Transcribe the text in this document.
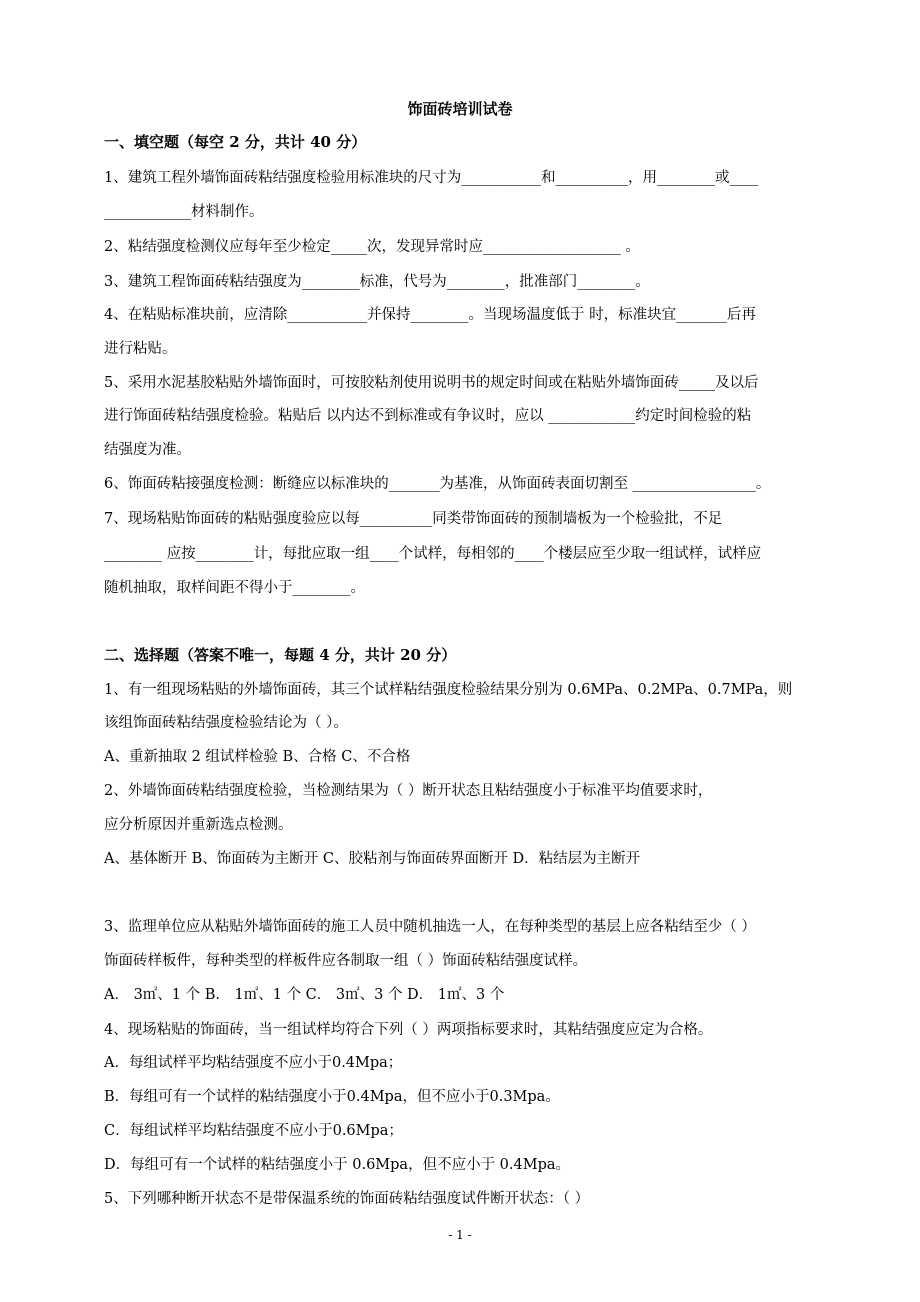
饰面砖培训试卷
一、填空题（每空 2 分，共计 40 分）
1、建筑工程外墙饰面砖粘结强度检验用标准块的尺寸为___________和__________，用________或____
____________材料制作。
2、粘结强度检测仪应每年至少检定_____次，发现异常时应___________________ 。
3、建筑工程饰面砖粘结强度为________标准，代号为________，批准部门________。
4、在粘贴标准块前，应清除___________并保持________。当现场温度低于 时，标准块宜_______后再
进行粘贴。
5、采用水泥基胶粘贴外墙饰面时，可按胶粘剂使用说明书的规定时间或在粘贴外墙饰面砖_____及以后
进行饰面砖粘结强度检验。粘贴后 以内达不到标准或有争议时，应以 ____________约定时间检验的粘
结强度为准。
6、饰面砖粘接强度检测：断缝应以标准块的_______为基准，从饰面砖表面切割至 _________________。
7、现场粘贴饰面砖的粘贴强度验应以每__________同类带饰面砖的预制墙板为一个检验批，不足
________ 应按________计，每批应取一组____个试样，每相邻的____个楼层应至少取一组试样，试样应
随机抽取，取样间距不得小于________。
二、选择题（答案不唯一，每题 4 分，共计 20 分）
1、有一组现场粘贴的外墙饰面砖，其三个试样粘结强度检验结果分别为 0.6MPa、0.2MPa、0.7MPa，则
该组饰面砖粘结强度检验结论为（ ）。
A、重新抽取 2 组试样检验 B、合格 C、不合格
2、外墙饰面砖粘结强度检验，当检测结果为（ ）断开状态且粘结强度小于标准平均值要求时，
应分析原因并重新选点检测。
A、基体断开 B、饰面砖为主断开 C、胶粘剂与饰面砖界面断开 D．粘结层为主断开
3、监理单位应从粘贴外墙饰面砖的施工人员中随机抽选一人，在每种类型的基层上应各粘结至少（ ）
饰面砖样板件，每种类型的样板件应各制取一组（ ）饰面砖粘结强度试样。
A． 3㎡、1 个 B． 1㎡、1 个 C． 3㎡、3 个 D． 1㎡、3 个
4、现场粘贴的饰面砖，当一组试样均符合下列（ ）两项指标要求时，其粘结强度应定为合格。
A．每组试样平均粘结强度不应小于0.4Mpa；
B．每组可有一个试样的粘结强度小于0.4Mpa，但不应小于0.3Mpa。
C．每组试样平均粘结强度不应小于0.6Mpa；
D．每组可有一个试样的粘结强度小于 0.6Mpa，但不应小于 0.4Mpa。
5、下列哪种断开状态不是带保温系统的饰面砖粘结强度试件断开状态：（ ）
- 1 -
